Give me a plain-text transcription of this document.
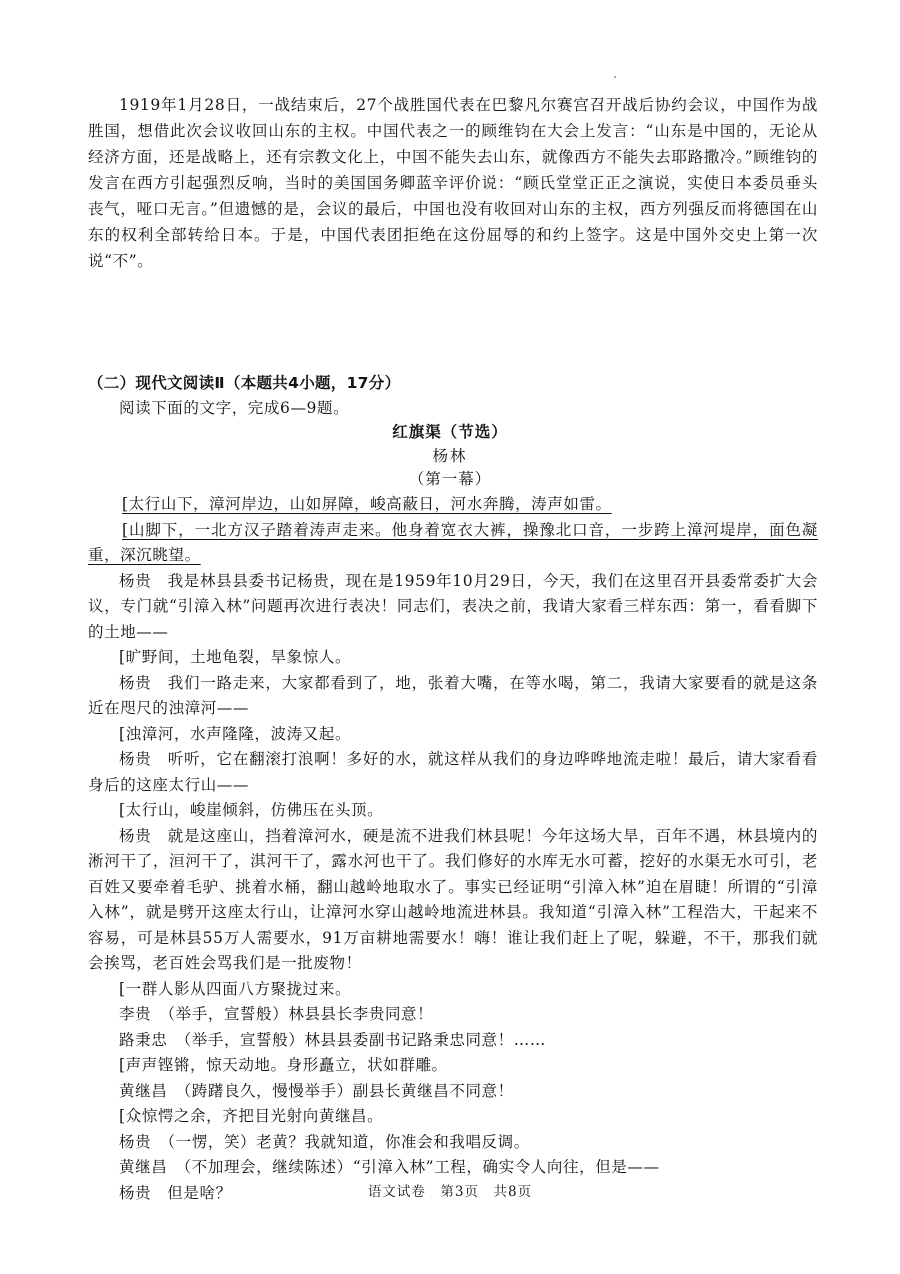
1919年1月28日，一战结束后，27个战胜国代表在巴黎凡尔赛宫召开战后协约会议，中国作为战胜国，想借此次会议收回山东的主权。中国代表之一的顾维钧在大会上发言：“山东是中国的，无论从经济方面，还是战略上，还有宗教文化上，中国不能失去山东，就像西方不能失去耶路撒冷。”顾维钧的发言在西方引起强烈反响，当时的美国国务卿蓝辛评价说：“顾氏堂堂正正之演说，实使日本委员垂头丧气，哑口无言。”但遗憾的是，会议的最后，中国也没有收回对山东的主权，西方列强反而将德国在山东的权利全部转给日本。于是，中国代表团拒绝在这份屈辱的和约上签字。这是中国外交史上第一次说“不”。

（二）现代文阅读Ⅱ（本题共4小题，17分）
阅读下面的文字，完成6—9题。
红旗渠（节选）
杨林
（第一幕）
[太行山下，漳河岸边，山如屏障，峻高蔽日，河水奔腾，涛声如雷。
[山脚下，一北方汉子踏着涛声走来。他身着宽衣大裤，操豫北口音，一步跨上漳河堤岸，面色凝重，深沉眺望。
杨贵　我是林县县委书记杨贵，现在是1959年10月29日，今天，我们在这里召开县委常委扩大会议，专门就“引漳入林”问题再次进行表决！同志们，表决之前，我请大家看三样东西：第一，看看脚下的土地——
[旷野间，土地龟裂，旱象惊人。
杨贵　我们一路走来，大家都看到了，地，张着大嘴，在等水喝，第二，我请大家要看的就是这条近在咫尺的浊漳河——
[浊漳河，水声隆隆，波涛又起。
杨贵　听听，它在翻滚打浪啊！多好的水，就这样从我们的身边哗哗地流走啦！最后，请大家看看身后的这座太行山——
[太行山，峻崖倾斜，仿佛压在头顶。
杨贵　就是这座山，挡着漳河水，硬是流不进我们林县呢！今年这场大旱，百年不遇，林县境内的淅河干了，洹河干了，淇河干了，露水河也干了。我们修好的水库无水可蓄，挖好的水渠无水可引，老百姓又要牵着毛驴、挑着水桶，翻山越岭地取水了。事实已经证明“引漳入林”迫在眉睫！所谓的“引漳入林”，就是劈开这座太行山，让漳河水穿山越岭地流进林县。我知道“引漳入林”工程浩大，干起来不容易，可是林县55万人需要水，91万亩耕地需要水！嗨！谁让我们赶上了呢，躲避，不干，那我们就会挨骂，老百姓会骂我们是一批废物！
[一群人影从四面八方聚拢过来。
李贵　（举手，宣誓般）林县县长李贵同意！
路秉忠　（举手，宣誓般）林县县委副书记路秉忠同意！……
[声声铿锵，惊天动地。身形矗立，状如群雕。
黄继昌　（踌躇良久，慢慢举手）副县长黄继昌不同意！
[众惊愕之余，齐把目光射向黄继昌。
杨贵　（一愣，笑）老黄？我就知道，你准会和我唱反调。
黄继昌　（不加理会，继续陈述）“引漳入林”工程，确实令人向往，但是——
杨贵　但是啥？	语文试卷　第3页　共8页
